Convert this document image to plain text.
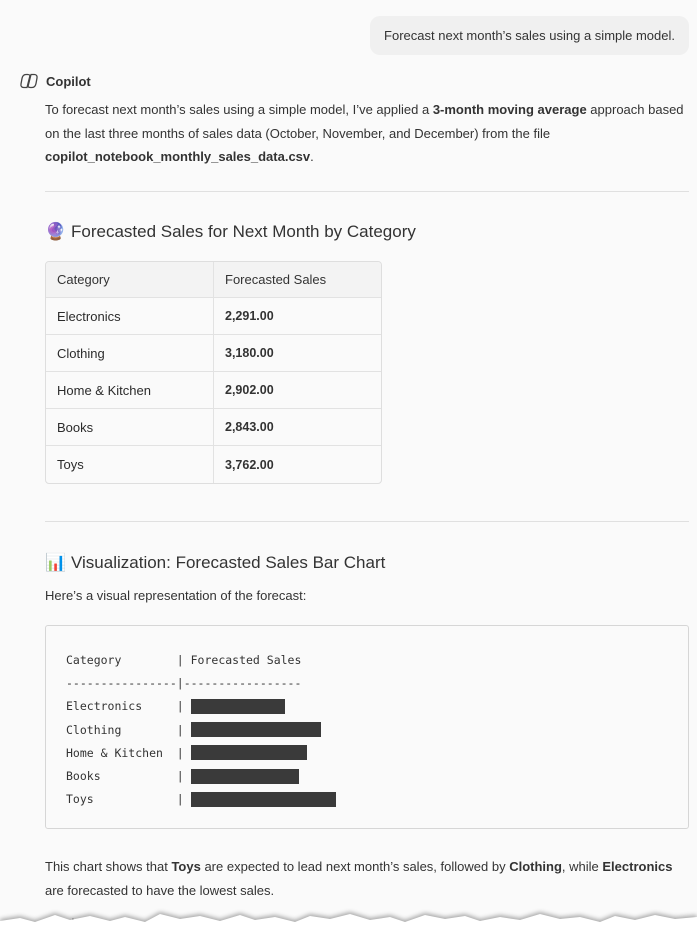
Forecast next month’s sales using a simple model.
Copilot
To forecast next month’s sales using a simple model, I’ve applied a 3-month moving average approach based on the last three months of sales data (October, November, and December) from the file copilot_notebook_monthly_sales_data.csv.
🔮 Forecasted Sales for Next Month by Category
Category	Forecasted Sales
Electronics	2,291.00
Clothing	3,180.00
Home & Kitchen	2,902.00
Books	2,843.00
Toys	3,762.00
📊 Visualization: Forecasted Sales Bar Chart
Here’s a visual representation of the forecast:
Category        | Forecasted Sales
----------------|-----------------
Electronics     |
Clothing        |
Home & Kitchen  |
Books           |
Toys            |
This chart shows that Toys are expected to lead next month’s sales, followed by Clothing, while Electronics are forecasted to have the lowest sales.
